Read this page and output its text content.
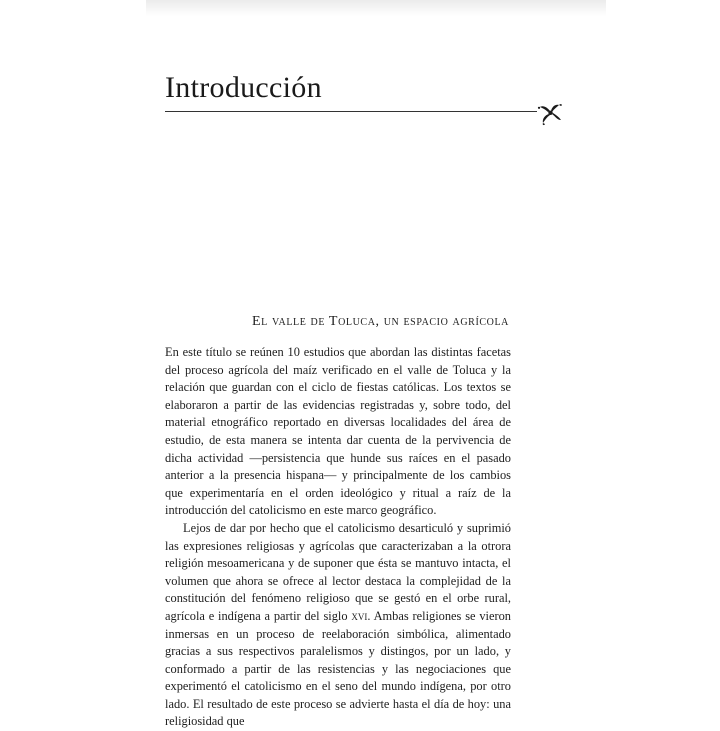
Introducción
El valle de Toluca, un espacio agrícola

En este título se reúnen 10 estudios que abordan las distintas facetas del proceso agrícola del maíz verificado en el valle de Toluca y la relación que guardan con el ciclo de fiestas católicas. Los textos se elaboraron a partir de las evidencias registradas y, sobre todo, del material etnográfico reportado en diversas localidades del área de estudio, de esta manera se intenta dar cuenta de la pervivencia de dicha actividad —persistencia que hunde sus raíces en el pasado anterior a la presencia hispana— y principalmente de los cambios que experimentaría en el orden ideológico y ritual a raíz de la introducción del catolicismo en este marco geográfico.

Lejos de dar por hecho que el catolicismo desarticuló y suprimió las expresiones religiosas y agrícolas que caracterizaban a la otrora religión mesoamericana y de suponer que ésta se mantuvo intacta, el volumen que ahora se ofrece al lector destaca la complejidad de la constitución del fenómeno religioso que se gestó en el orbe rural, agrícola e indígena a partir del siglo xvi. Ambas religiones se vieron inmersas en un proceso de reelaboración simbólica, alimentado gracias a sus respectivos paralelismos y distingos, por un lado, y conformado a partir de las resistencias y las negociaciones que experimentó el catolicismo en el seno del mundo indígena, por otro lado. El resultado de este proceso se advierte hasta el día de hoy: una religiosidad que
